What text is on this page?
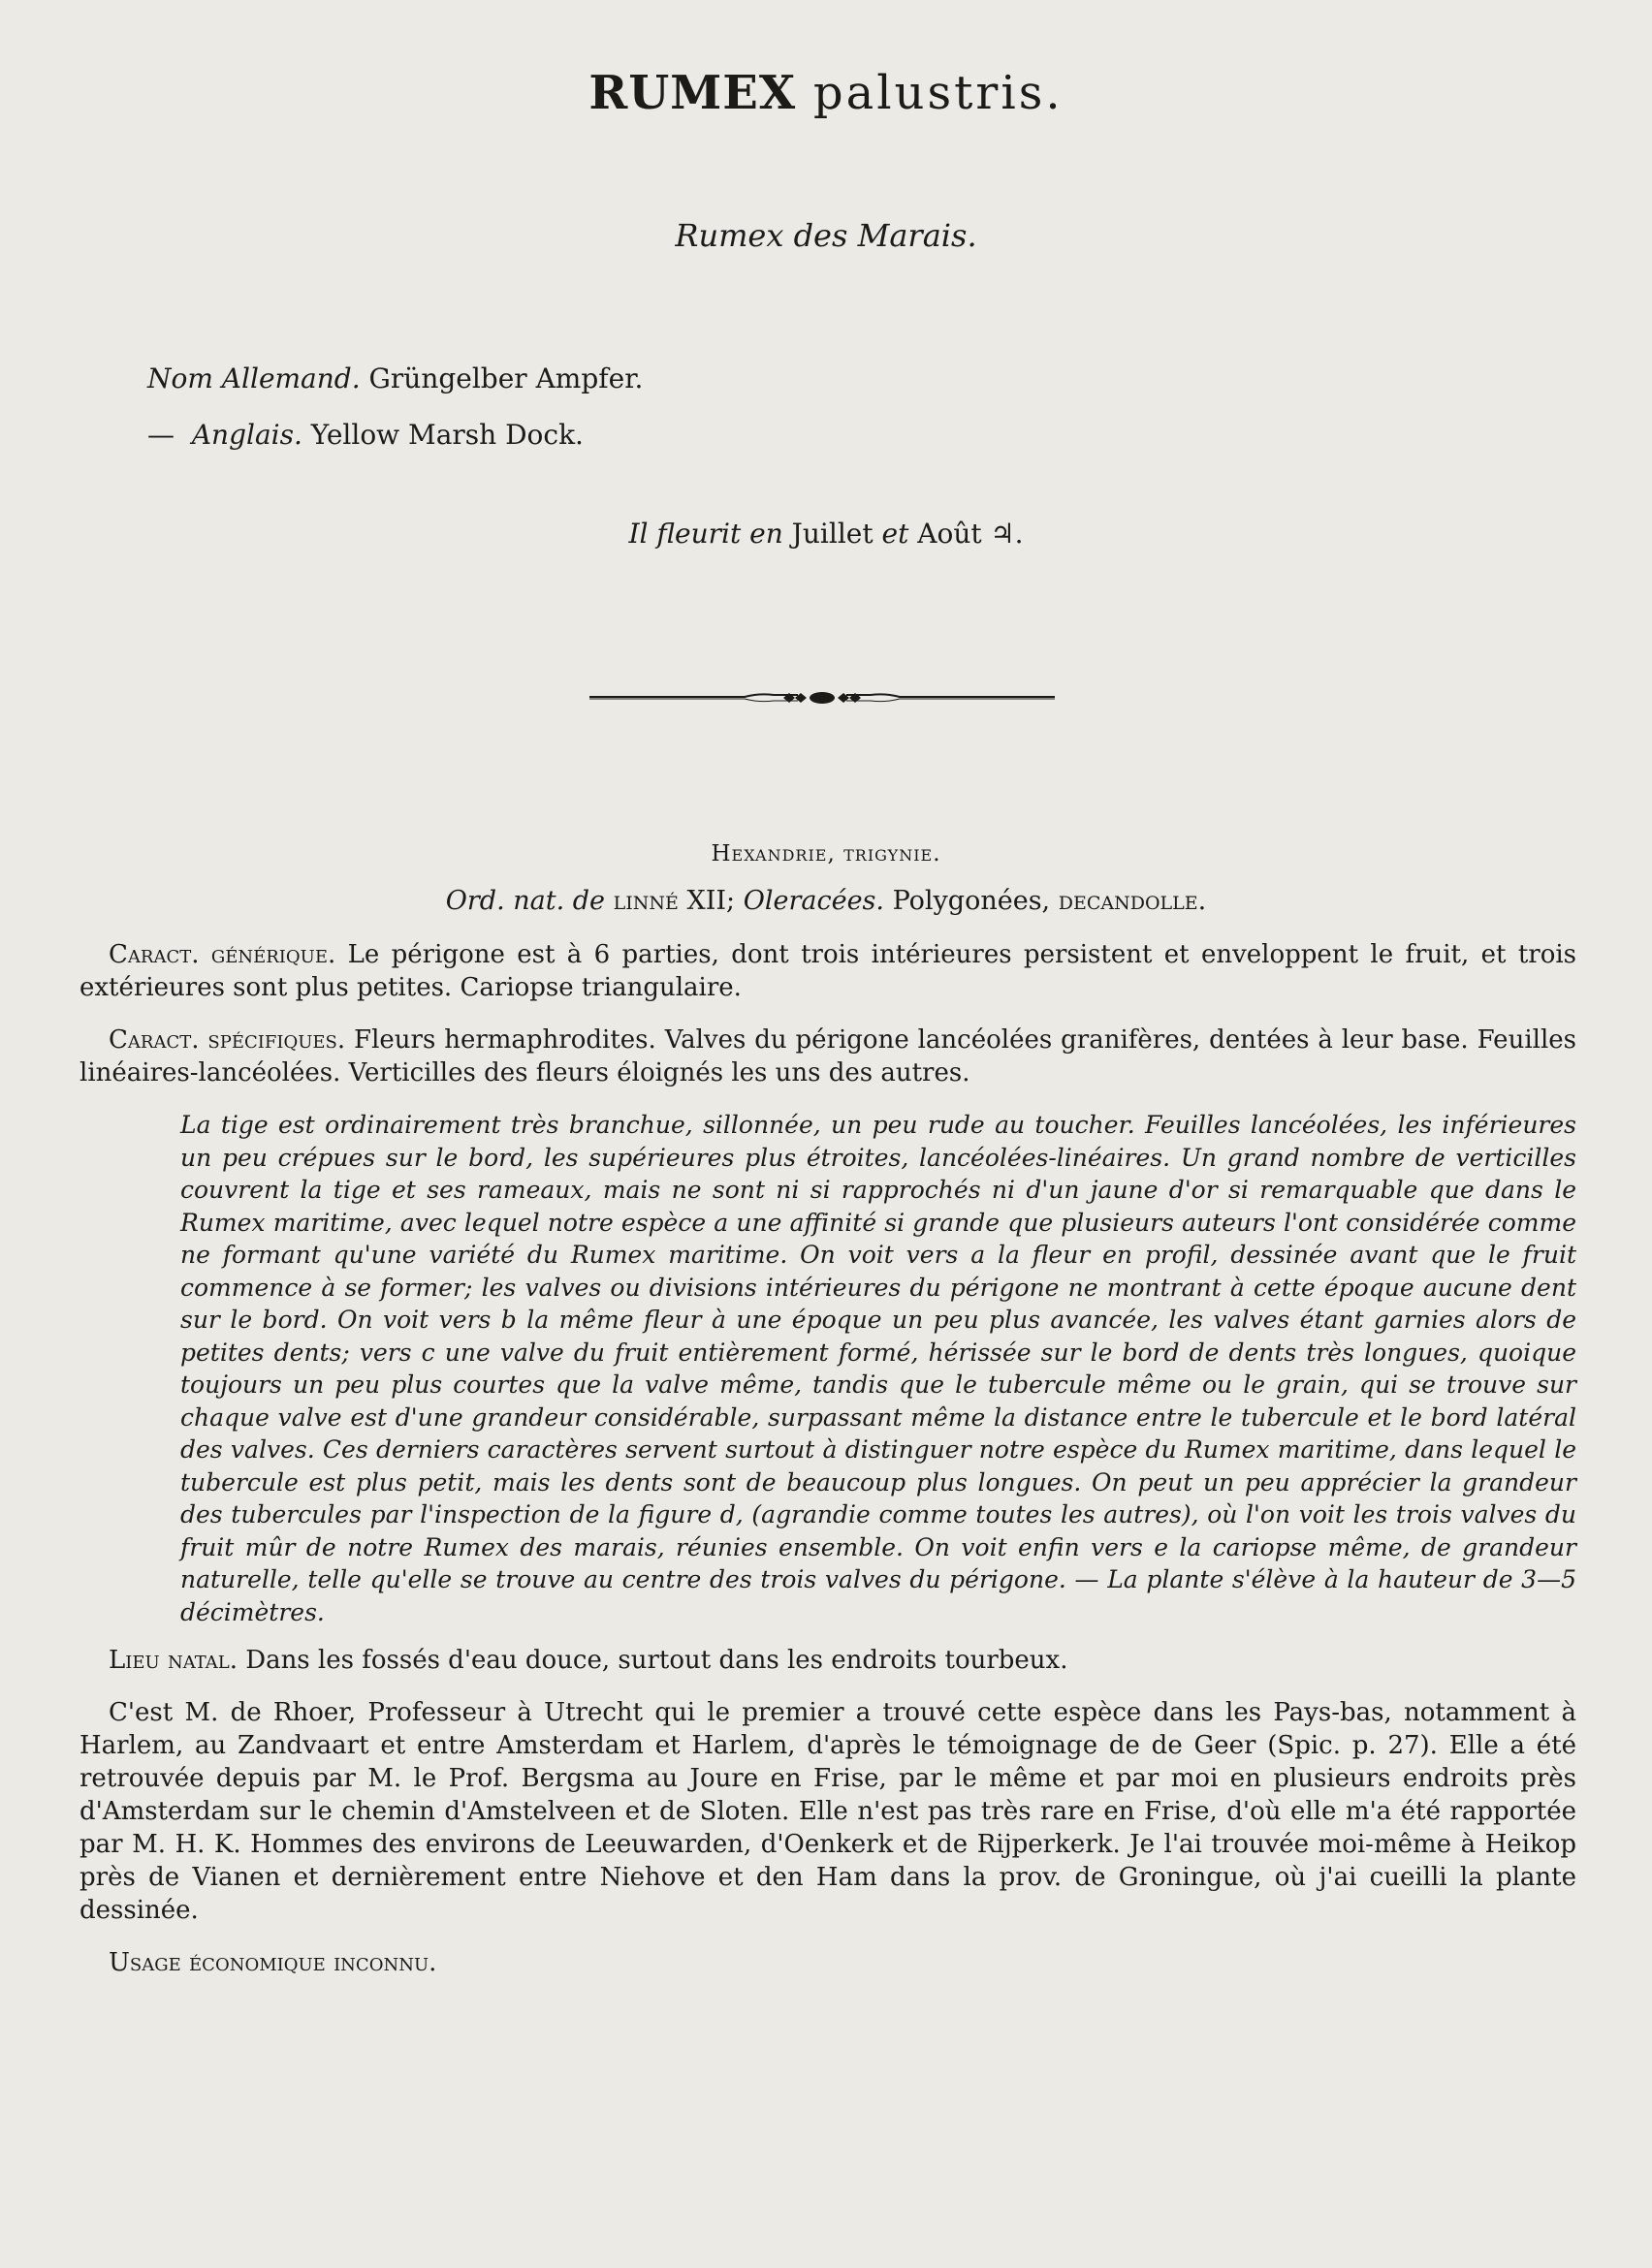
RUMEX palustris.
Rumex des Marais.
Nom Allemand. Grüngelber Ampfer.
— Anglais. Yellow Marsh Dock.
Il fleurit en Juillet et Août ♃.
Hexandrie, trigynie.
Ord. nat. de linné XII; Oleracées. Polygonées, decandolle.

Caract. générique. Le périgone est à 6 parties, dont trois intérieures persistent et enveloppent le fruit, et trois extérieures sont plus petites. Cariopse triangulaire.

Caract. spécifiques. Fleurs hermaphrodites. Valves du périgone lancéolées granifères, dentées à leur base. Feuilles linéaires-lancéolées. Verticilles des fleurs éloignés les uns des autres.

La tige est ordinairement très branchue, sillonnée, un peu rude au toucher. Feuilles lancéolées, les inférieures un peu crépues sur le bord, les supérieures plus étroites, lancéolées-linéaires. Un grand nombre de verticilles couvrent la tige et ses rameaux, mais ne sont ni si rapprochés ni d'un jaune d'or si remarquable que dans le Rumex maritime, avec lequel notre espèce a une affinité si grande que plusieurs auteurs l'ont considérée comme ne formant qu'une variété du Rumex maritime. On voit vers a la fleur en profil, dessinée avant que le fruit commence à se former; les valves ou divisions intérieures du périgone ne montrant à cette époque aucune dent sur le bord. On voit vers b la même fleur à une époque un peu plus avancée, les valves étant garnies alors de petites dents; vers c une valve du fruit entièrement formé, hérissée sur le bord de dents très longues, quoique toujours un peu plus courtes que la valve même, tandis que le tubercule même ou le grain, qui se trouve sur chaque valve est d'une grandeur considérable, surpassant même la distance entre le tubercule et le bord latéral des valves. Ces derniers caractères servent surtout à distinguer notre espèce du Rumex maritime, dans lequel le tubercule est plus petit, mais les dents sont de beaucoup plus longues. On peut un peu apprécier la grandeur des tubercules par l'inspection de la figure d, (agrandie comme toutes les autres), où l'on voit les trois valves du fruit mûr de notre Rumex des marais, réunies ensemble. On voit enfin vers e la cariopse même, de grandeur naturelle, telle qu'elle se trouve au centre des trois valves du périgone. — La plante s'élève à la hauteur de 3—5 décimètres.

Lieu natal. Dans les fossés d'eau douce, surtout dans les endroits tourbeux.

C'est M. de Rhoer, Professeur à Utrecht qui le premier a trouvé cette espèce dans les Pays-bas, notamment à Harlem, au Zandvaart et entre Amsterdam et Harlem, d'après le témoignage de de Geer (Spic. p. 27). Elle a été retrouvée depuis par M. le Prof. Bergsma au Joure en Frise, par le même et par moi en plusieurs endroits près d'Amsterdam sur le chemin d'Amstelveen et de Sloten. Elle n'est pas très rare en Frise, d'où elle m'a été rapportée par M. H. K. Hommes des environs de Leeuwarden, d'Oenkerk et de Rijperkerk. Je l'ai trouvée moi-même à Heikop près de Vianen et dernièrement entre Niehove et den Ham dans la prov. de Groningue, où j'ai cueilli la plante dessinée.

Usage économique inconnu.
